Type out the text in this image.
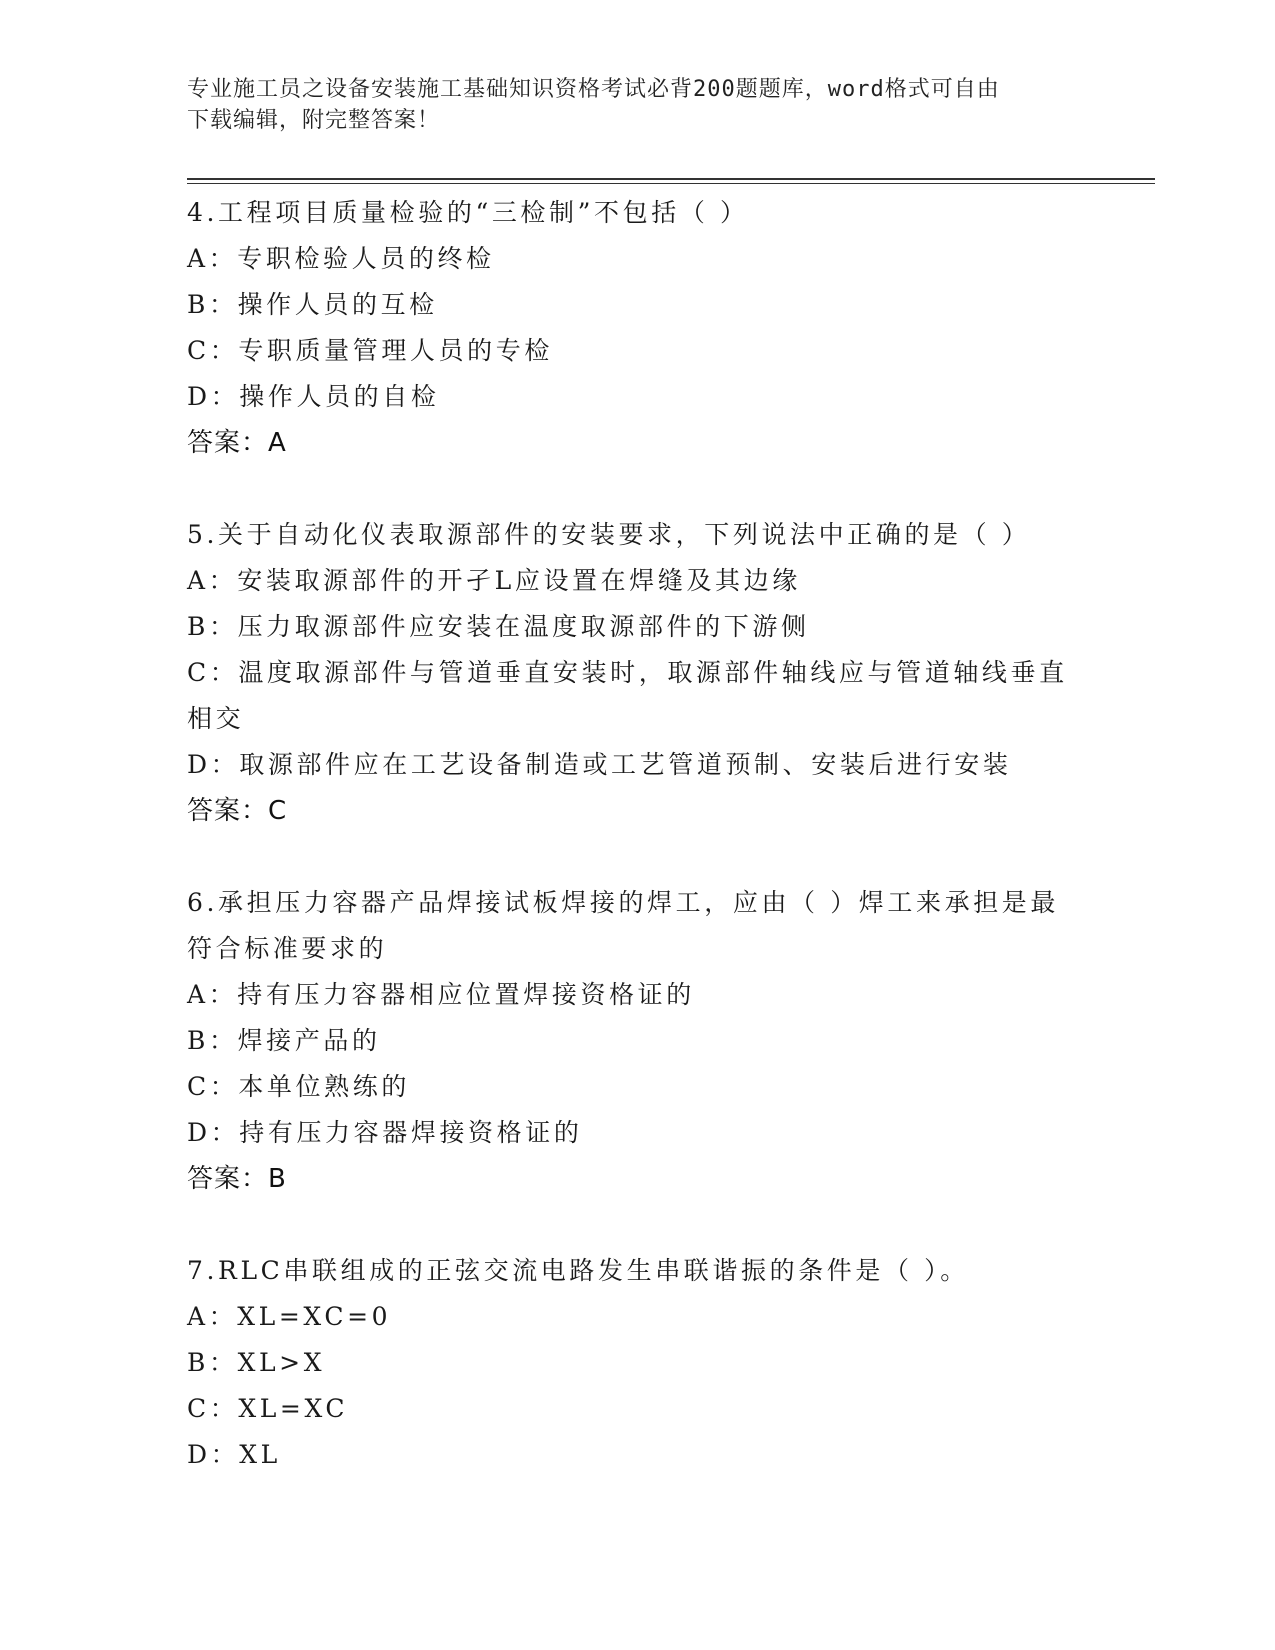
专业施工员之设备安装施工基础知识资格考试必背200题题库，word格式可自由
下载编辑，附完整答案！
4.工程项目质量检验的“三检制”不包括（ ）
A：专职检验人员的终检
B：操作人员的互检
C：专职质量管理人员的专检
D：操作人员的自检
答案：A
5.关于自动化仪表取源部件的安装要求，下列说法中正确的是（ ）
A：安装取源部件的开孑L应设置在焊缝及其边缘
B：压力取源部件应安装在温度取源部件的下游侧
C：温度取源部件与管道垂直安装时，取源部件轴线应与管道轴线垂直相交
D：取源部件应在工艺设备制造或工艺管道预制、安装后进行安装
答案：C
6.承担压力容器产品焊接试板焊接的焊工，应由（ ）焊工来承担是最符合标准要求的
A：持有压力容器相应位置焊接资格证的
B：焊接产品的
C：本单位熟练的
D：持有压力容器焊接资格证的
答案：B
7.RLC串联组成的正弦交流电路发生串联谐振的条件是（ ）。
A：XL=XC=0
B：XL>X
C：XL=XC
D：XL
